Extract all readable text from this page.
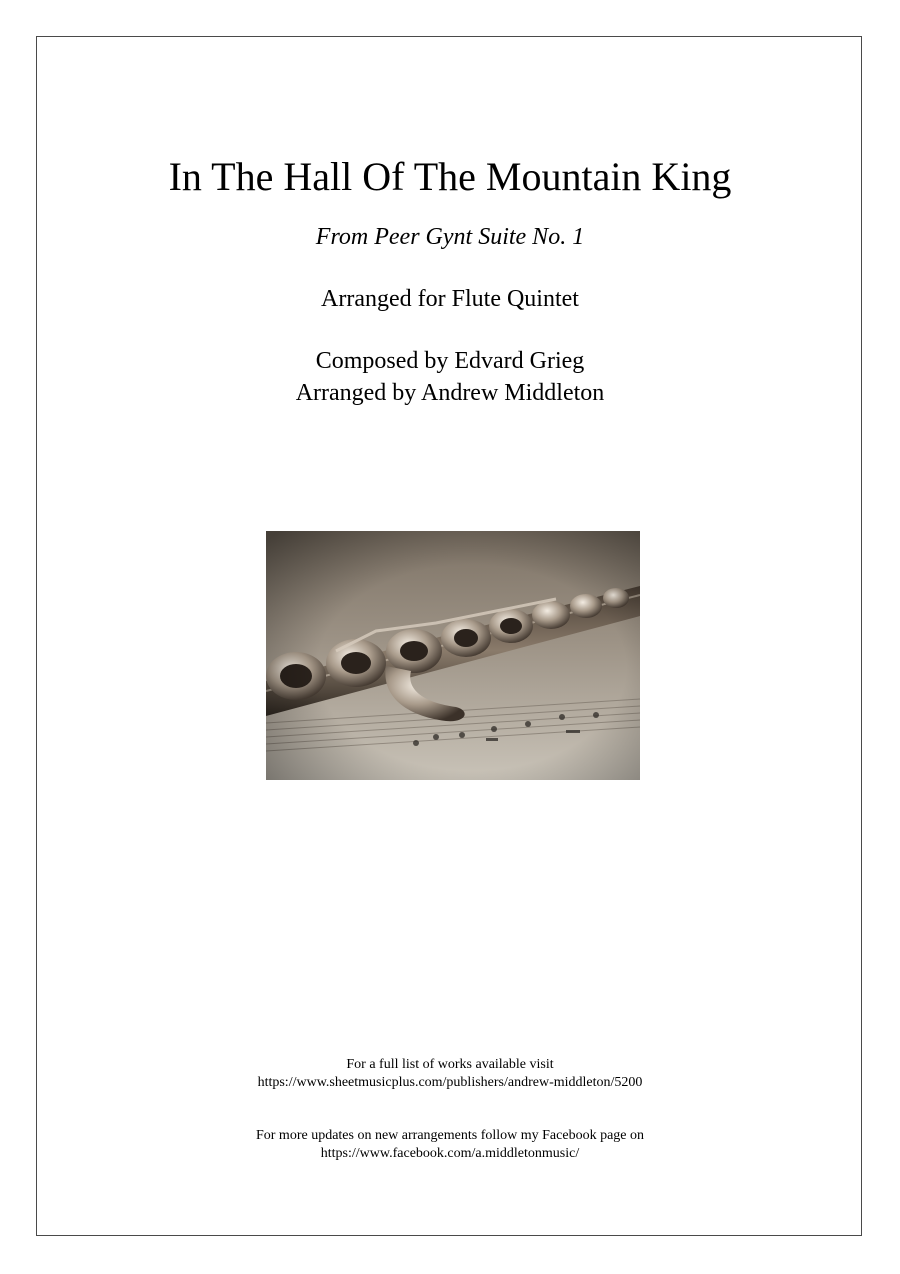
In The Hall Of The Mountain King
From Peer Gynt Suite No. 1
Arranged for Flute Quintet
Composed by Edvard Grieg
Arranged by Andrew Middleton
For a full list of works available visit
https://www.sheetmusicplus.com/publishers/andrew-middleton/5200
For more updates on new arrangements follow my Facebook page on
https://www.facebook.com/a.middletonmusic/
